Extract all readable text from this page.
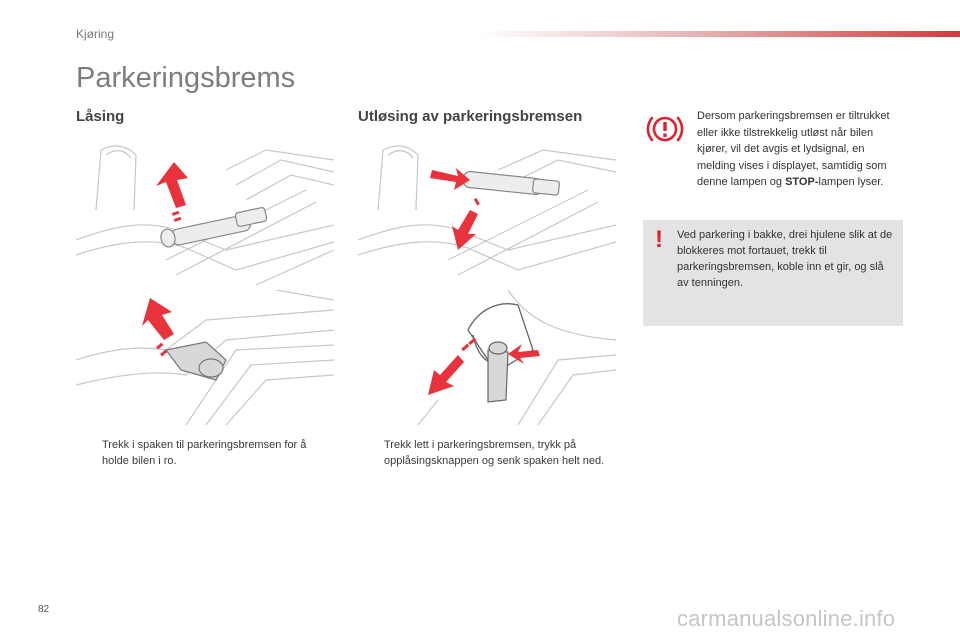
Kjøring
Parkeringsbrems
Låsing	Utløsing av parkeringsbremsen
Trekk i spaken til parkeringsbremsen for å holde bilen i ro.
Trekk lett i parkeringsbremsen, trykk på opplåsingsknappen og senk spaken helt ned.
Dersom parkeringsbremsen er tiltrukket eller ikke tilstrekkelig utløst når bilen kjører, vil det avgis et lydsignal, en melding vises i displayet, samtidig som denne lampen og STOP-lampen lyser.
! Ved parkering i bakke, drei hjulene slik at de blokkeres mot fortauet, trekk til parkeringsbremsen, koble inn et gir, og slå av tenningen.
82	carmanualsonline.info
